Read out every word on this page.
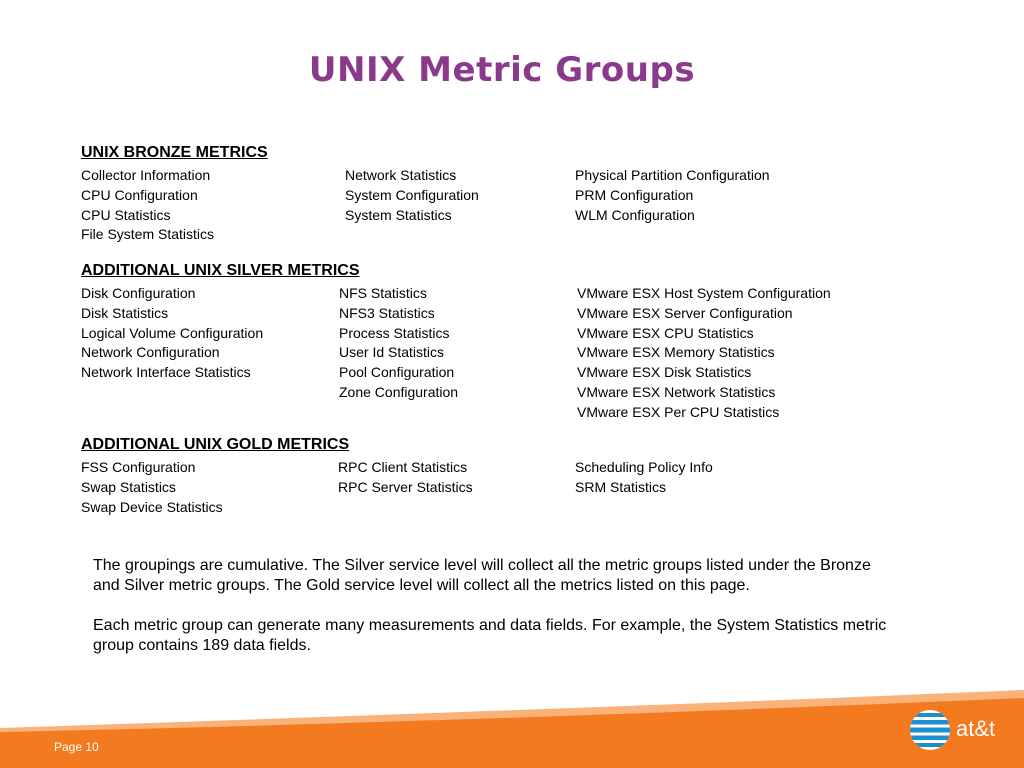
UNIX Metric Groups
UNIX BRONZE METRICS
Collector Information
CPU Configuration
CPU Statistics
File System Statistics
Network Statistics
System Configuration
System Statistics
Physical Partition Configuration
PRM Configuration
WLM Configuration
ADDITIONAL UNIX SILVER METRICS
Disk Configuration
Disk Statistics
Logical Volume Configuration
Network Configuration
Network Interface Statistics
NFS Statistics
NFS3 Statistics
Process Statistics
User Id Statistics
Pool Configuration
Zone Configuration
VMware ESX Host System Configuration
VMware ESX Server Configuration
VMware ESX CPU Statistics
VMware ESX Memory Statistics
VMware ESX Disk Statistics
VMware ESX Network Statistics
VMware ESX Per CPU Statistics
ADDITIONAL UNIX GOLD METRICS
FSS Configuration
Swap Statistics
Swap Device Statistics
RPC Client Statistics
RPC Server Statistics
Scheduling Policy Info
SRM Statistics

The groupings are cumulative. The Silver service level will collect all the metric groups listed under the Bronze and Silver metric groups. The Gold service level will collect all the metrics listed on this page.

Each metric group can generate many measurements and data fields. For example, the System Statistics metric group contains 189 data fields.

Page 10
at&t
